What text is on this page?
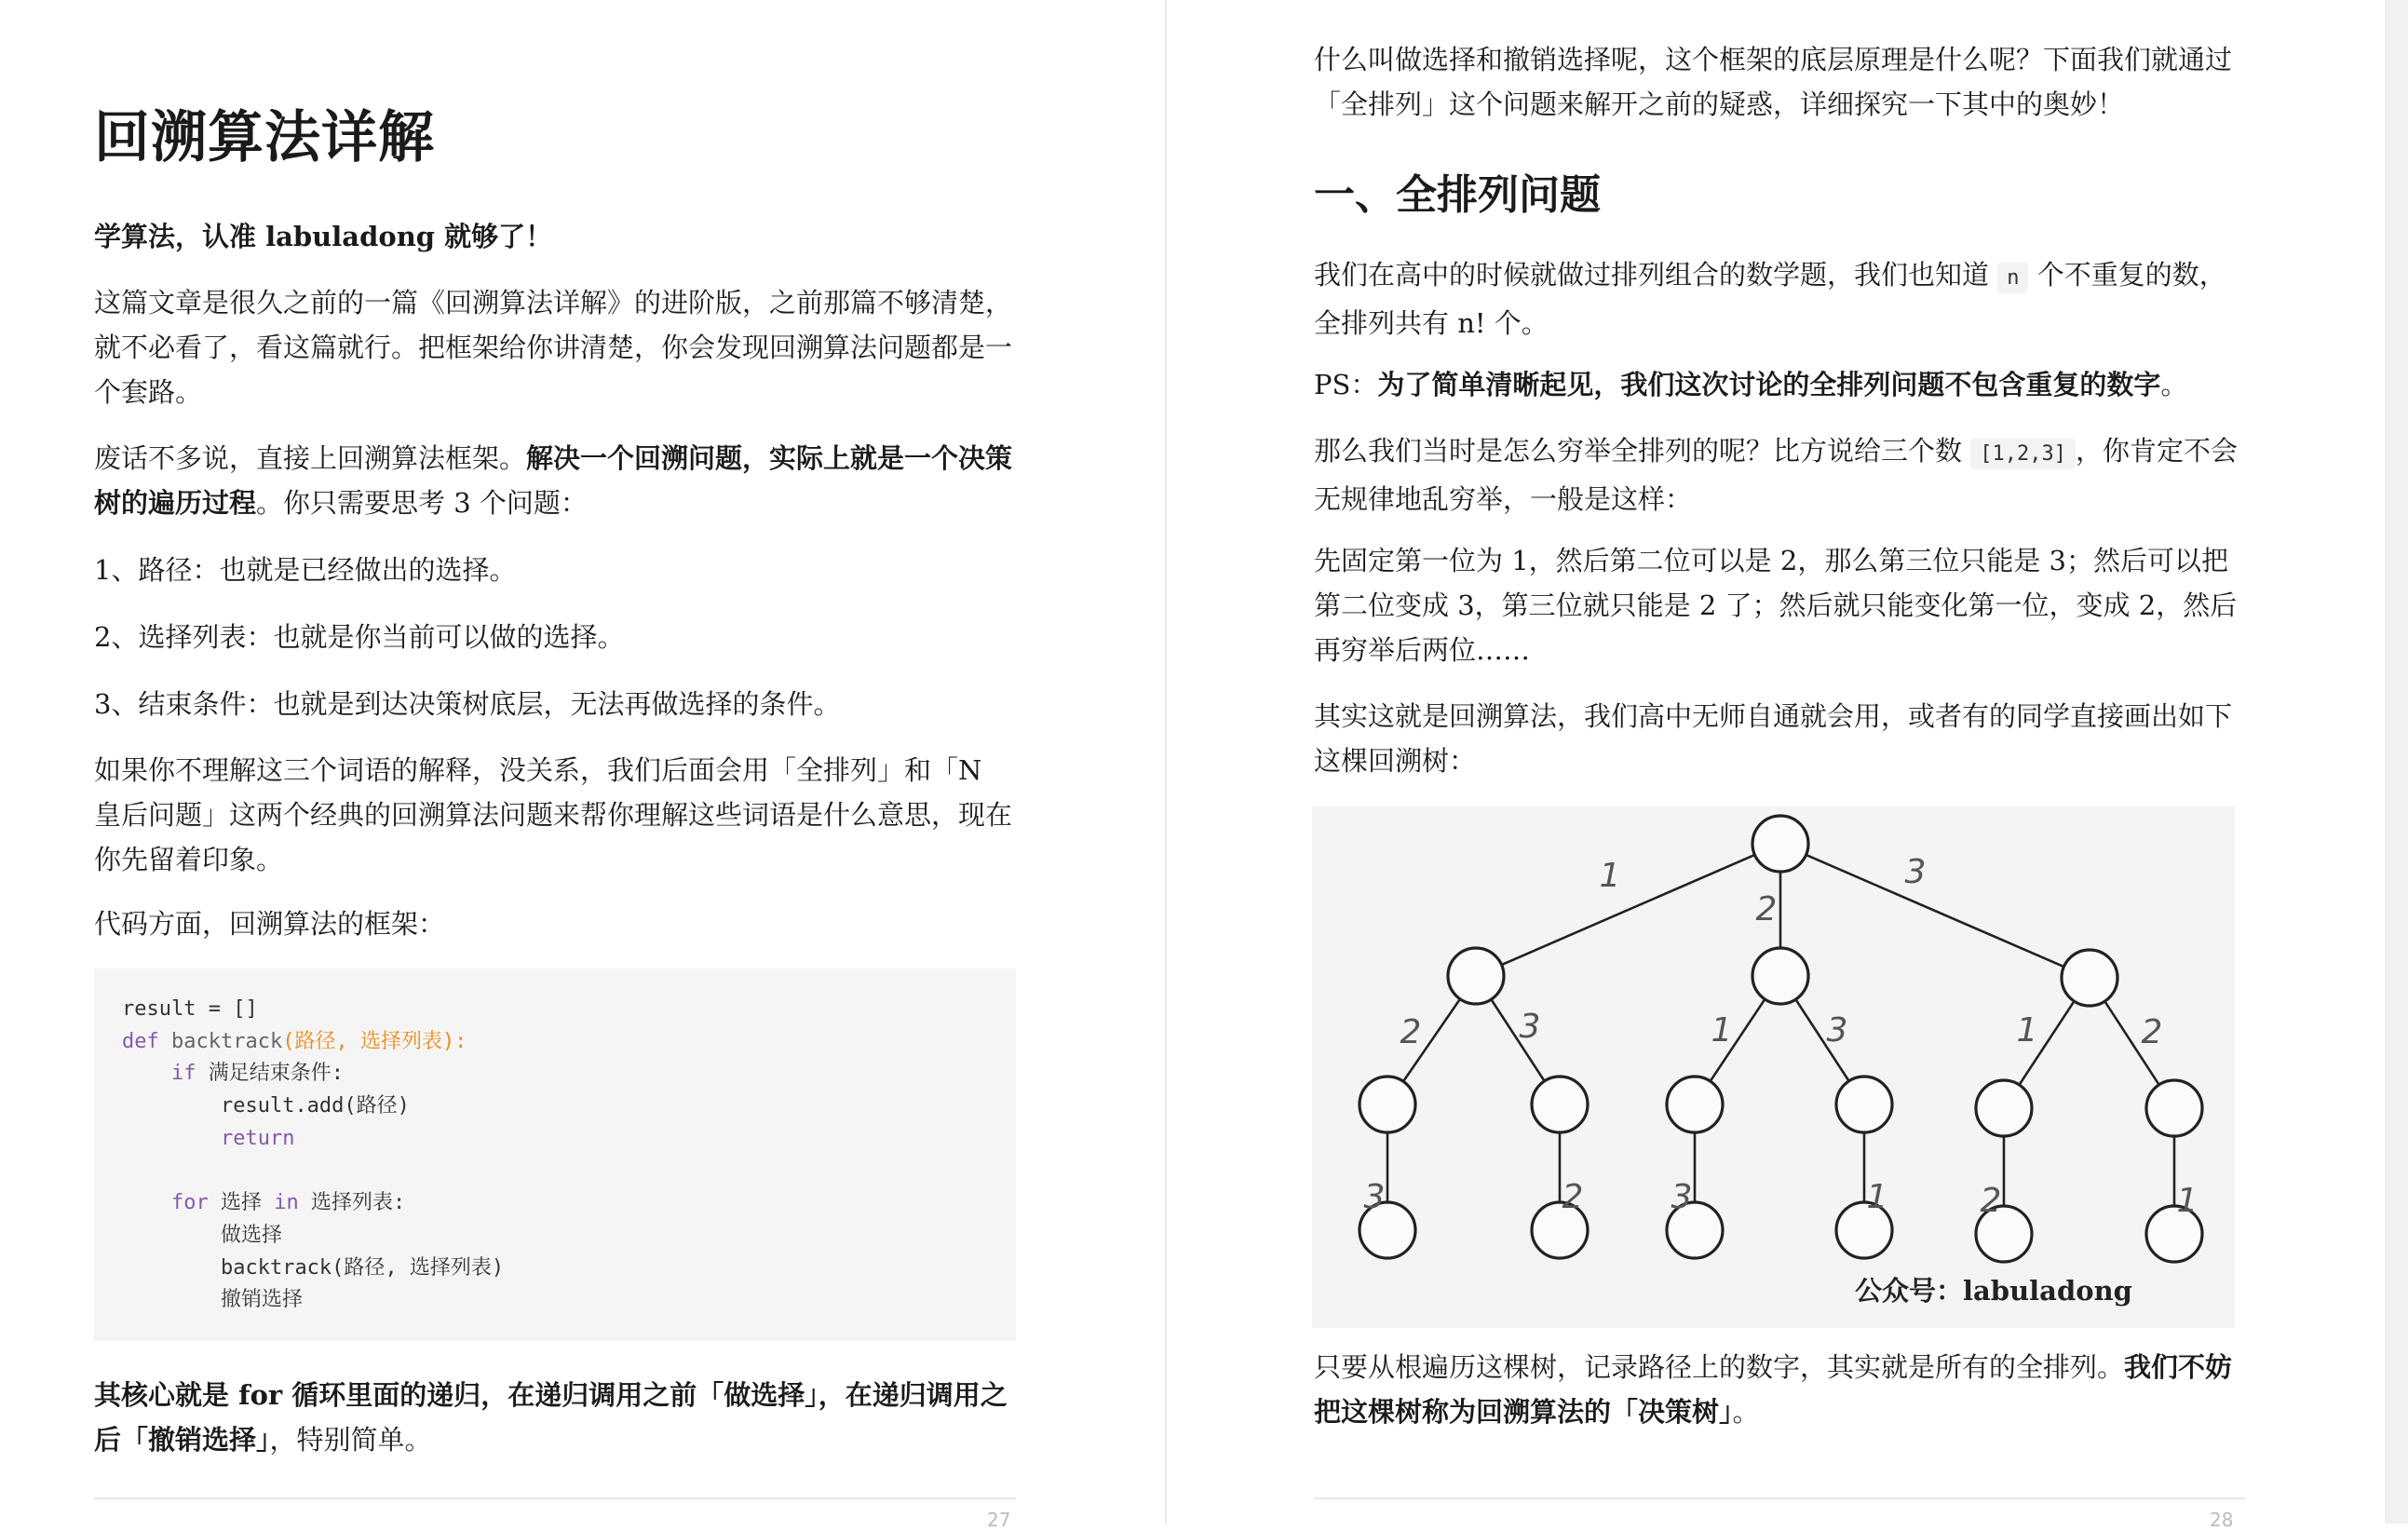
回溯算法详解

学算法，认准 labuladong 就够了！

这篇文章是很久之前的一篇《回溯算法详解》的进阶版，之前那篇不够清楚，就不必看了，看这篇就行。把框架给你讲清楚，你会发现回溯算法问题都是一个套路。

废话不多说，直接上回溯算法框架。解决一个回溯问题，实际上就是一个决策树的遍历过程。你只需要思考 3 个问题：

1、路径：也就是已经做出的选择。

2、选择列表：也就是你当前可以做的选择。

3、结束条件：也就是到达决策树底层，无法再做选择的条件。

如果你不理解这三个词语的解释，没关系，我们后面会用「全排列」和「N 皇后问题」这两个经典的回溯算法问题来帮你理解这些词语是什么意思，现在你先留着印象。

代码方面，回溯算法的框架：

result = []
def backtrack(路径, 选择列表):
if 满足结束条件:
result.add(路径)
return
for 选择 in 选择列表:
做选择
backtrack(路径, 选择列表)
撤销选择

其核心就是 for 循环里面的递归，在递归调用之前「做选择」，在递归调用之后「撤销选择」，特别简单。

27

什么叫做选择和撤销选择呢，这个框架的底层原理是什么呢？下面我们就通过「全排列」这个问题来解开之前的疑惑，详细探究一下其中的奥妙！

一、全排列问题

我们在高中的时候就做过排列组合的数学题，我们也知道 n 个不重复的数，全排列共有 n! 个。

PS：为了简单清晰起见，我们这次讨论的全排列问题不包含重复的数字。

那么我们当时是怎么穷举全排列的呢？比方说给三个数 [1,2,3] ，你肯定不会无规律地乱穷举，一般是这样：

先固定第一位为 1，然后第二位可以是 2，那么第三位只能是 3；然后可以把第二位变成 3，第三位就只能是 2 了；然后就只能变化第一位，变成 2，然后再穷举后两位……

其实这就是回溯算法，我们高中无师自通就会用，或者有的同学直接画出如下这棵回溯树：

只要从根遍历这棵树，记录路径上的数字，其实就是所有的全排列。我们不妨把这棵树称为回溯算法的「决策树」。

28
1
2
3
2	3	1	3	1	2
3	2	3	1	2	1
公众号：labuladong
